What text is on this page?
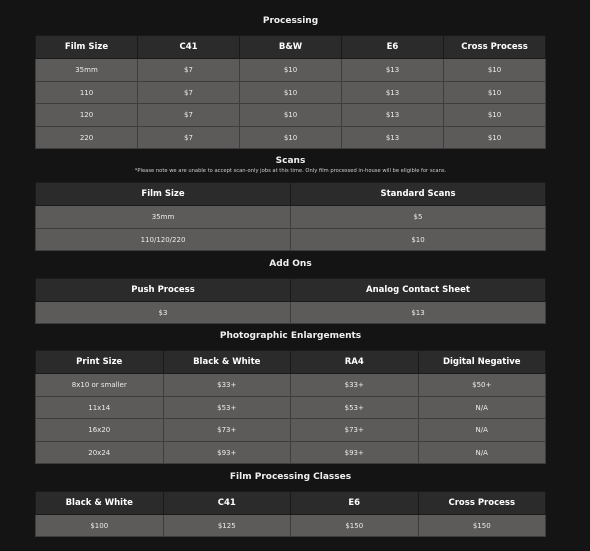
Processing
Film Size	C41	B&W	E6	Cross Process
35mm	$7	$10	$13	$10
110	$7	$10	$13	$10
120	$7	$10	$13	$10
220	$7	$10	$13	$10
Scans
*Please note we are unable to accept scan-only jobs at this time. Only film processed in-house will be eligible for scans.
Film Size	Standard Scans
35mm	$5
110/120/220	$10
Add Ons
Push Process	Analog Contact Sheet
$3	$13
Photographic Enlargements
Print Size	Black & White	RA4	Digital Negative
8x10 or smaller	$33+	$33+	$50+
11x14	$53+	$53+	N/A
16x20	$73+	$73+	N/A
20x24	$93+	$93+	N/A
Film Processing Classes
Black & White	C41	E6	Cross Process
$100	$125	$150	$150
